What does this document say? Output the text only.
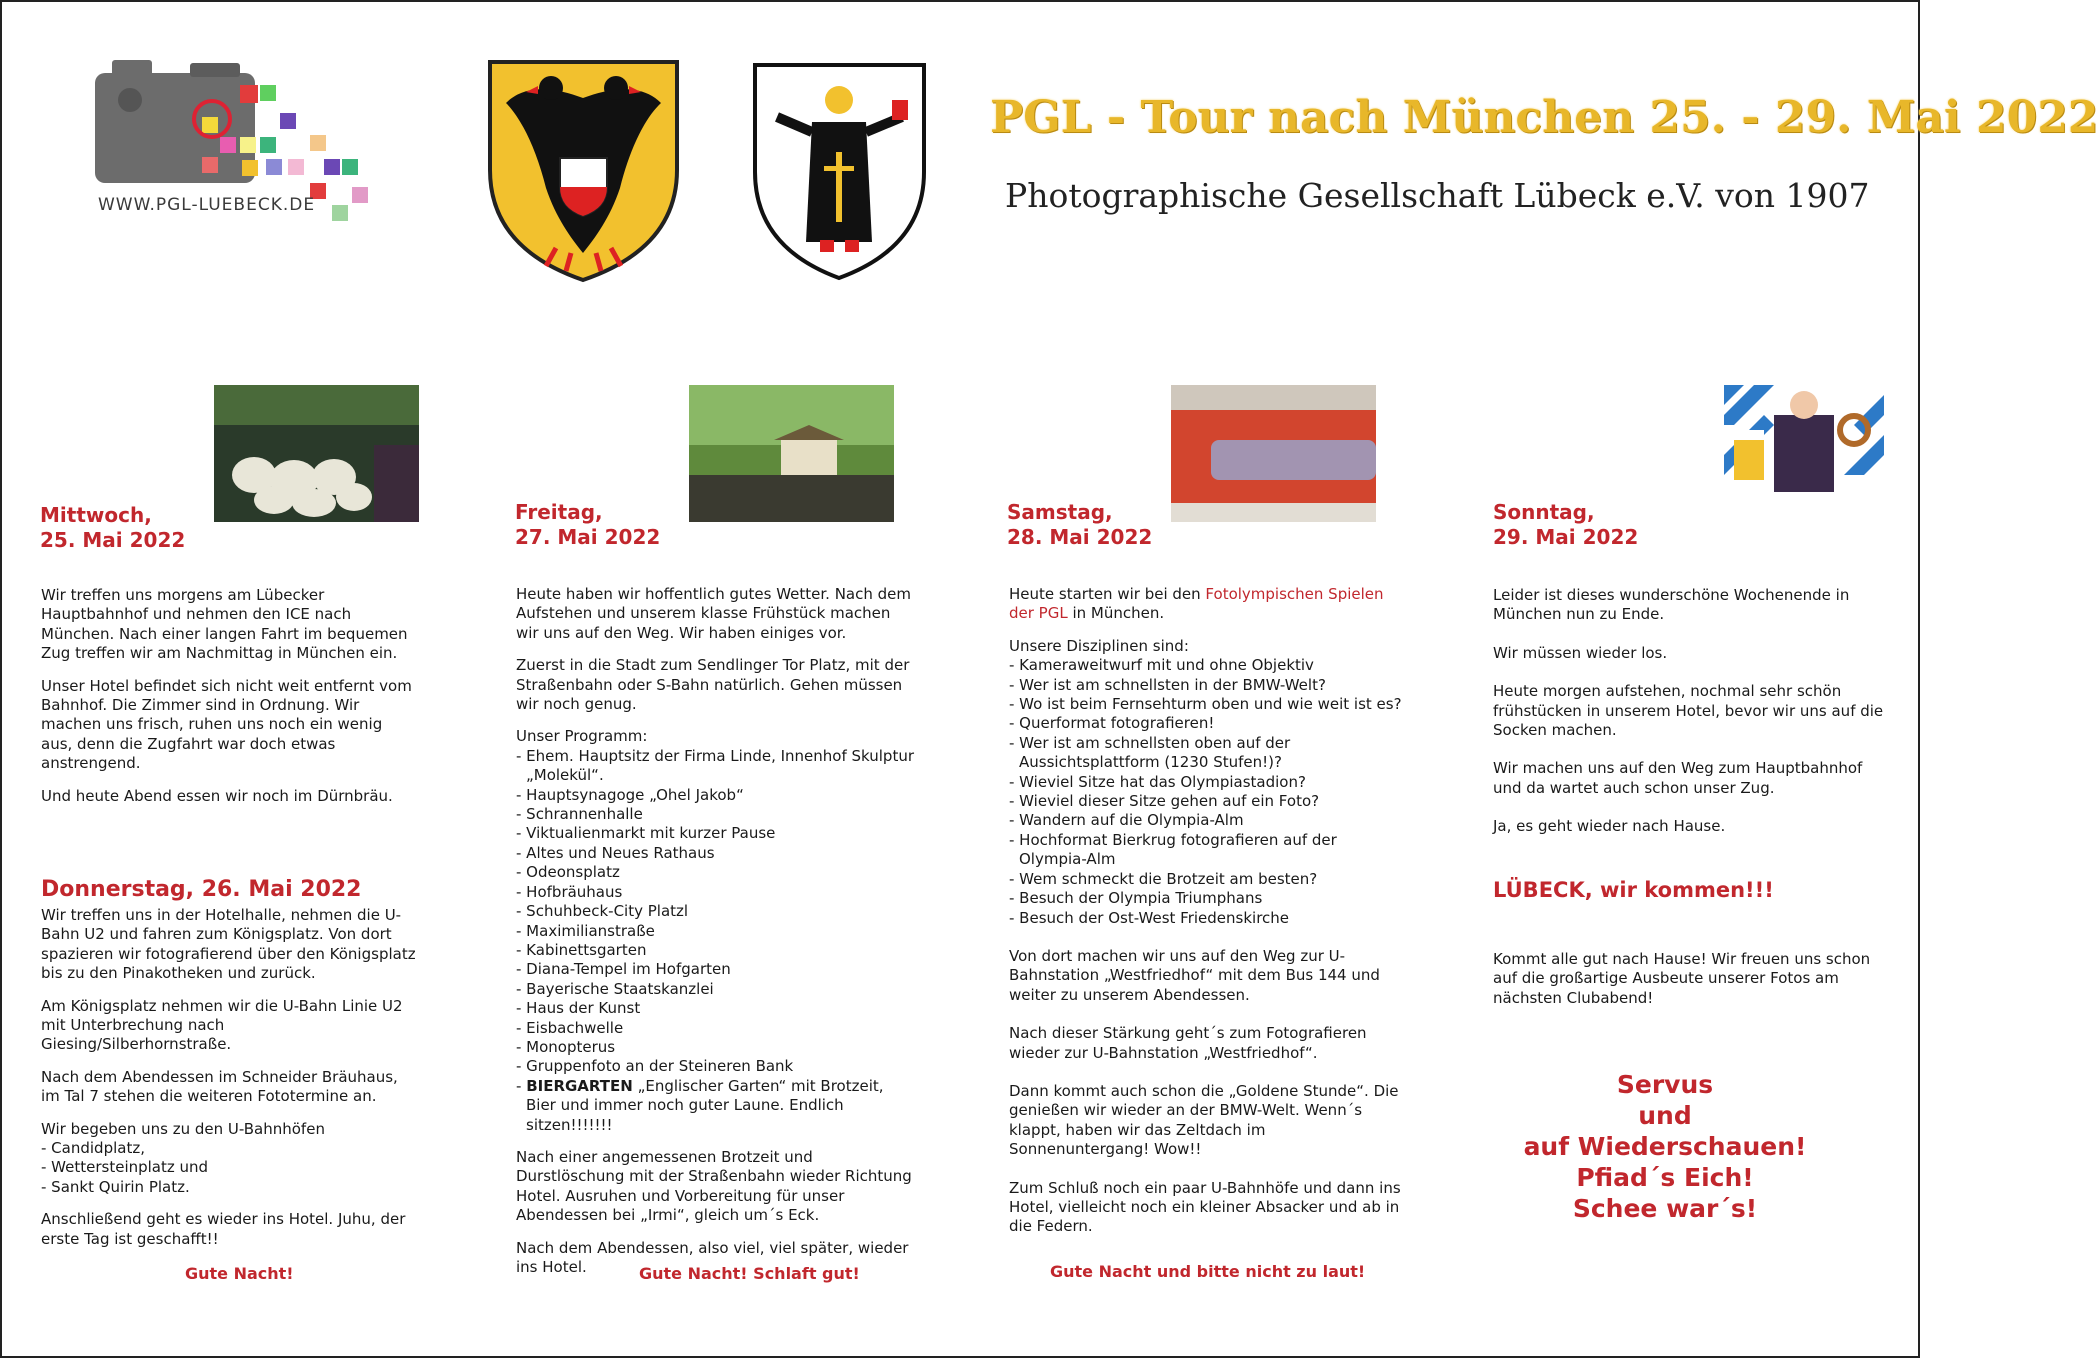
WWW.PGL-LUEBECK.DE
PGL - Tour nach München 25. - 29. Mai 2022
Photographische Gesellschaft Lübeck e.V. von 1907
Mittwoch,
25. Mai 2022

Wir treffen uns morgens am Lübecker Hauptbahnhof und nehmen den ICE nach München. Nach einer langen Fahrt im bequemen Zug treffen wir am Nachmittag in München ein.

Unser Hotel befindet sich nicht weit entfernt vom Bahnhof. Die Zimmer sind in Ordnung. Wir machen uns frisch, ruhen uns noch ein wenig aus, denn die Zugfahrt war doch etwas anstrengend.

Und heute Abend essen wir noch im Dürnbräu.

Donnerstag, 26. Mai 2022

Wir treffen uns in der Hotelhalle, nehmen die U-Bahn U2 und fahren zum Königsplatz. Von dort spazieren wir fotografierend über den Königsplatz bis zu den Pinakotheken und zurück.

Am Königsplatz nehmen wir die U-Bahn Linie U2 mit Unterbrechung nach Giesing/Silberhornstraße.

Nach dem Abendessen im Schneider Bräuhaus, im Tal 7 stehen die weiteren Fototermine an.

Wir begeben uns zu den U-Bahnhöfen
- Candidplatz,
- Wettersteinplatz und
- Sankt Quirin Platz.

Anschließend geht es wieder ins Hotel. Juhu, der erste Tag ist geschafft!!

Gute Nacht!
Freitag,
27. Mai 2022

Heute haben wir hoffentlich gutes Wetter. Nach dem Aufstehen und unserem klasse Frühstück machen wir uns auf den Weg. Wir haben einiges vor.

Zuerst in die Stadt zum Sendlinger Tor Platz, mit der Straßenbahn oder S-Bahn natürlich. Gehen müssen wir noch genug.

Unser Programm:
- Ehem. Hauptsitz der Firma Linde, Innenhof Skulptur „Molekül“.
- Hauptsynagoge „Ohel Jakob“
- Schrannenhalle
- Viktualienmarkt mit kurzer Pause
- Altes und Neues Rathaus
- Odeonsplatz
- Hofbräuhaus
- Schuhbeck-City Platzl
- Maximilianstraße
- Kabinettsgarten
- Diana-Tempel im Hofgarten
- Bayerische Staatskanzlei
- Haus der Kunst
- Eisbachwelle
- Monopterus
- Gruppenfoto an der Steineren Bank
- BIERGARTEN „Englischer Garten“ mit Brotzeit, Bier und immer noch guter Laune. Endlich sitzen!!!!!!!

Nach einer angemessenen Brotzeit und Durstlöschung mit der Straßenbahn wieder Richtung Hotel. Ausruhen und Vorbereitung für unser Abendessen bei „Irmi“, gleich um´s Eck.

Nach dem Abendessen, also viel, viel später, wieder ins Hotel.	Gute Nacht! Schlaft gut!
Samstag,
28. Mai 2022

Heute starten wir bei den Fotolympischen Spielen der PGL in München.

Unsere Disziplinen sind:
- Kameraweitwurf mit und ohne Objektiv
- Wer ist am schnellsten in der BMW-Welt?
- Wo ist beim Fernsehturm oben und wie weit ist es?
- Querformat fotografieren!
- Wer ist am schnellsten oben auf der Aussichtsplattform (1230 Stufen!)?
- Wieviel Sitze hat das Olympiastadion?
- Wieviel dieser Sitze gehen auf ein Foto?
- Wandern auf die Olympia-Alm
- Hochformat Bierkrug fotografieren auf der Olympia-Alm
- Wem schmeckt die Brotzeit am besten?
- Besuch der Olympia Triumphans
- Besuch der Ost-West Friedenskirche

Von dort machen wir uns auf den Weg zur U-Bahnstation „Westfriedhof“ mit dem Bus 144 und weiter zu unserem Abendessen.

Nach dieser Stärkung geht´s zum Fotografieren wieder zur U-Bahnstation „Westfriedhof“.

Dann kommt auch schon die „Goldene Stunde“. Die genießen wir wieder an der BMW-Welt. Wenn´s klappt, haben wir das Zeltdach im Sonnenuntergang! Wow!!

Zum Schluß noch ein paar U-Bahnhöfe und dann ins Hotel, vielleicht noch ein kleiner Absacker und ab in die Federn.

Gute Nacht und bitte nicht zu laut!
Sonntag,
29. Mai 2022

Leider ist dieses wunderschöne Wochenende in München nun zu Ende.

Wir müssen wieder los.

Heute morgen aufstehen, nochmal sehr schön frühstücken in unserem Hotel, bevor wir uns auf die Socken machen.

Wir machen uns auf den Weg zum Hauptbahnhof und da wartet auch schon unser Zug.

Ja, es geht wieder nach Hause.

LÜBECK, wir kommen!!!

Kommt alle gut nach Hause! Wir freuen uns schon auf die großartige Ausbeute unserer Fotos am nächsten Clubabend!

Servus
und
auf Wiederschauen!
Pfiad´s Eich!
Schee war´s!
